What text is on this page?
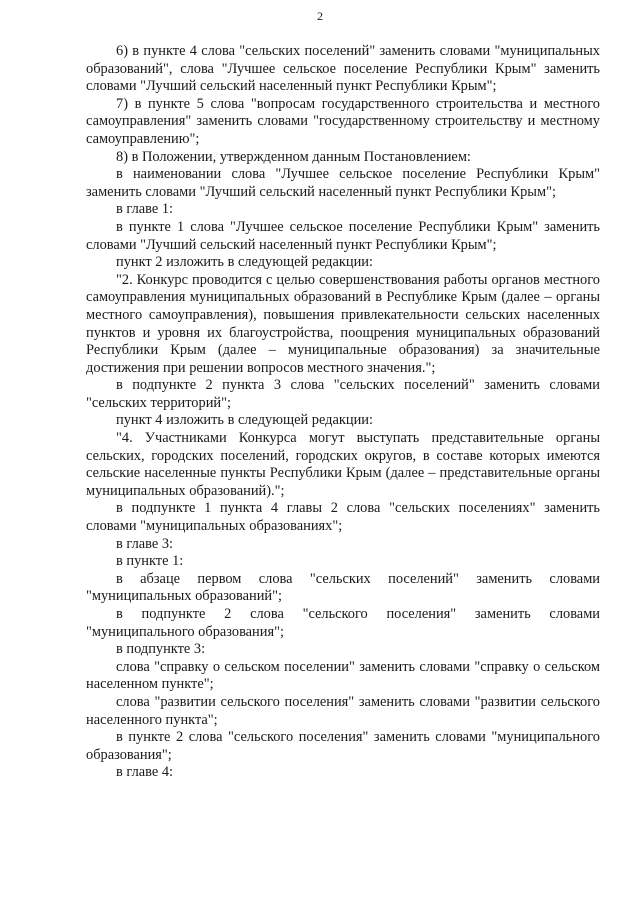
2

6) в пункте 4 слова "сельских поселений" заменить словами "муниципальных образований", слова "Лучшее сельское поселение Республики Крым" заменить словами "Лучший сельский населенный пункт Республики Крым";

7) в пункте 5 слова "вопросам государственного строительства и местного самоуправления" заменить словами "государственному строительству и местному самоуправлению";

8) в Положении, утвержденном данным Постановлением:

в наименовании слова "Лучшее сельское поселение Республики Крым" заменить словами "Лучший сельский населенный пункт Республики Крым";

в главе 1:

в пункте 1 слова "Лучшее сельское поселение Республики Крым" заменить словами "Лучший сельский населенный пункт Республики Крым";

пункт 2 изложить в следующей редакции:

"2. Конкурс проводится с целью совершенствования работы органов местного самоуправления муниципальных образований в Республике Крым (далее – органы местного самоуправления), повышения привлекательности сельских населенных пунктов и уровня их благоустройства, поощрения муниципальных образований Республики Крым (далее – муниципальные образования) за значительные достижения при решении вопросов местного значения.";

в подпункте 2 пункта 3 слова "сельских поселений" заменить словами "сельских территорий";

пункт 4 изложить в следующей редакции:

"4. Участниками Конкурса могут выступать представительные органы сельских, городских поселений, городских округов, в составе которых имеются сельские населенные пункты Республики Крым (далее – представительные органы муниципальных образований).";

в подпункте 1 пункта 4 главы 2 слова "сельских поселениях" заменить словами "муниципальных образованиях";

в главе 3:

в пункте 1:

в абзаце первом слова "сельских поселений" заменить словами "муниципальных образований";

в подпункте 2 слова "сельского поселения" заменить словами "муниципального образования";

в подпункте 3:

слова "справку о сельском поселении" заменить словами "справку о сельском населенном пункте";

слова "развитии сельского поселения" заменить словами "развитии сельского населенного пункта";

в пункте 2 слова "сельского поселения" заменить словами "муниципального образования";

в главе 4:
